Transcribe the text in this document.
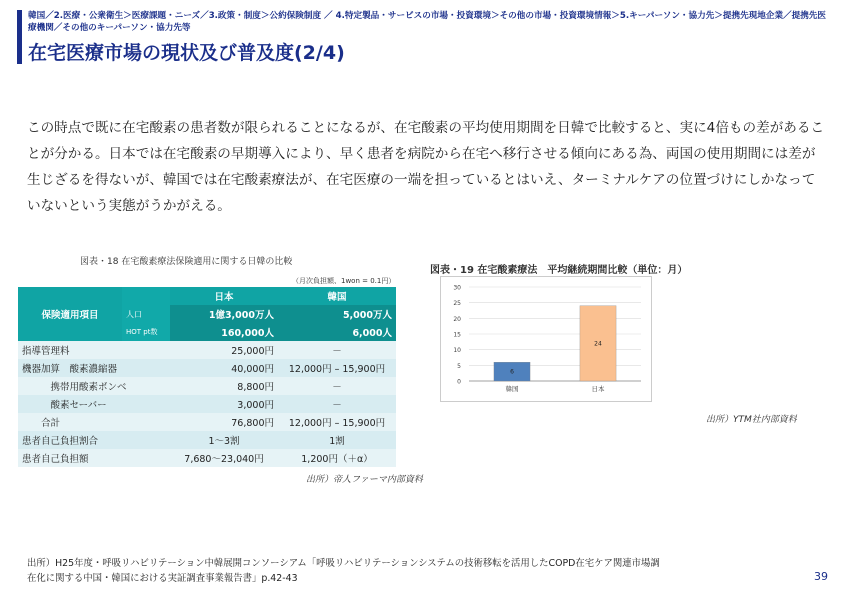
韓国／2.医療・公衆衛生＞医療課題・ニーズ／3.政策・制度＞公約保険制度 ／ 4.特定製品・サービスの市場・投資環境＞その他の市場・投資環境情報＞5.キーパーソン・協力先＞提携先現地企業／提携先医療機関／その他のキーパーソン・協力先等
在宅医療市場の現状及び普及度(2/4)
この時点で既に在宅酸素の患者数が限られることになるが、在宅酸素の平均使用期間を日韓で比較すると、実に4倍もの差があることが分かる。日本では在宅酸素の早期導入により、早く患者を病院から在宅へ移行させる傾向にある為、両国の使用期間には差が生じざるを得ないが、韓国では在宅酸素療法が、在宅医療の一端を担っているとはいえ、ターミナルケアの位置づけにしかなっていないという実態がうかがえる。
図表・18 在宅酸素療法保険適用に関する日韓の比較
（月次負担額、1won = 0.1円）
保険適用項目		日本	韓国
	人口	1億3,000万人	5,000万人
	HOT pt数	160,000人	6,000人
指導管理料		25,000円	－
機器加算　酸素濃縮器		40,000円	12,000円 – 15,900円
　　　携帯用酸素ボンベ		8,800円	－
　　　酸素セーバー		3,000円	－
　　合計		76,800円	12,000円 – 15,900円
患者自己負担割合		1～3割	1割
患者自己負担額		7,680～23,040円	1,200円（＋α）
出所）帝人ファーマ内部資料
図表・19 在宅酸素療法　平均継続期間比較（単位：月）
0
5
10
15
20
25
30
6
韓国
24
日本
出所）YTM社内部資料
出所）H25年度・呼吸リハビリテーション中韓展開コンソーシアム「呼吸リハビリテーションシステムの技術移転を活用したCOPD在宅ケア関連市場調
在化に関する中国・韓国における実証調査事業報告書」p.42-43	39
